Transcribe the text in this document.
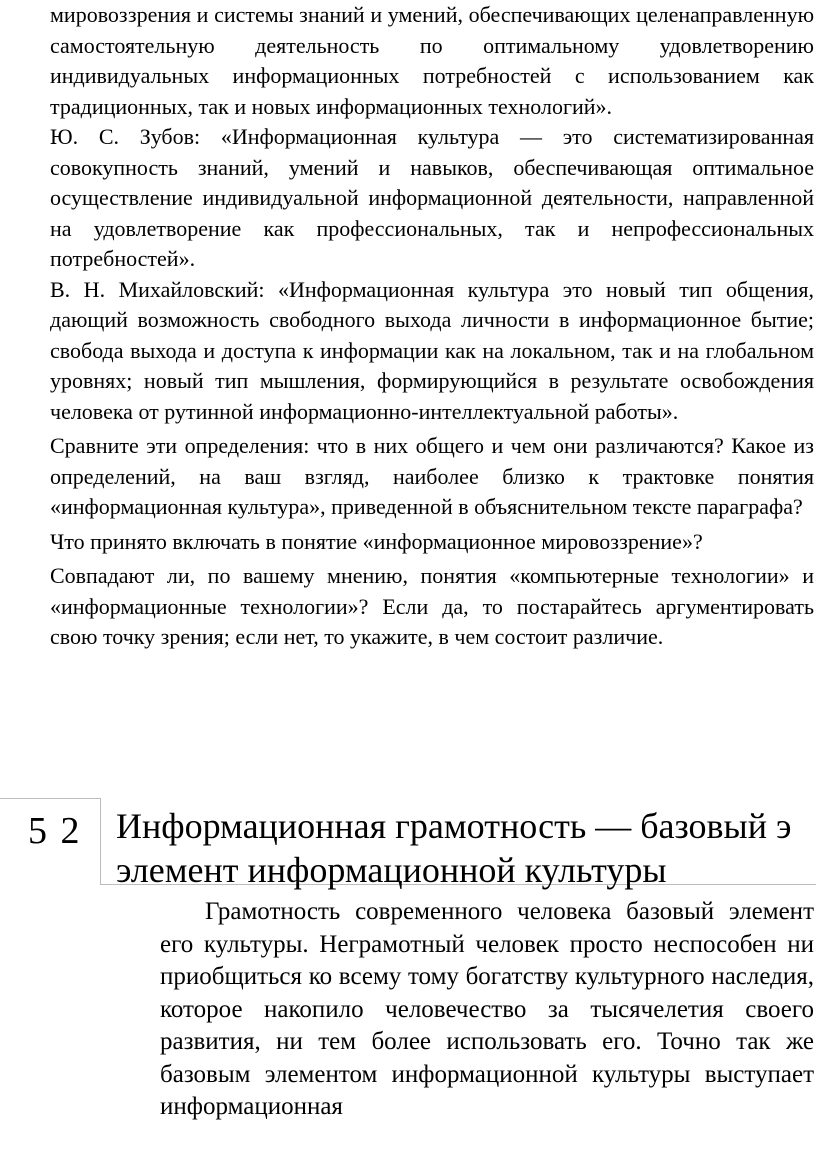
мировоззрения и системы знаний и умений, обеспечивающих целенаправленную самостоятельную деятельность по оптимальному удовлетворению индивидуальных информационных потребностей с использованием как традиционных, так и новых информационных технологий».

Ю. С. Зубов: «Информационная культура — это систематизированная совокупность знаний, умений и навыков, обеспечивающая оптимальное осуществление индивидуальной информационной деятельности, направленной на удовлетворение как профессиональных, так и непрофессиональных потребностей».

В. Н. Михайловский: «Информационная культура это новый тип общения, дающий возможность свободного выхода личности в информационное бытие; свобода выхода и доступа к информации как на локальном, так и на глобальном уровнях; новый тип мышления, формирующийся в результате освобождения человека от рутинной информационно-интеллектуальной работы».

Сравните эти определения: что в них общего и чем они различаются? Какое из определений, на ваш взгляд, наиболее близко к трактовке понятия «информационная культура», приведенной в объяснительном тексте параграфа?

Что принято включать в понятие «информационное мировоззрение»?

Совпадают ли, по вашему мнению, понятия «компьютерные технологии» и «информационные технологии»? Если да, то постарайтесь аргументировать свою точку зрения; если нет, то укажите, в чем состоит различие.

5 2 Информационная грамотность — базовый э
элемент информационной культуры

Грамотность современного человека базовый элемент его культуры. Неграмотный человек просто неспособен ни приобщиться ко всему тому богатству культурного наследия, которое накопило человечество за тысячелетия своего развития, ни тем более использовать его. Точно так же базовым элементом информационной культуры выступает информационная
